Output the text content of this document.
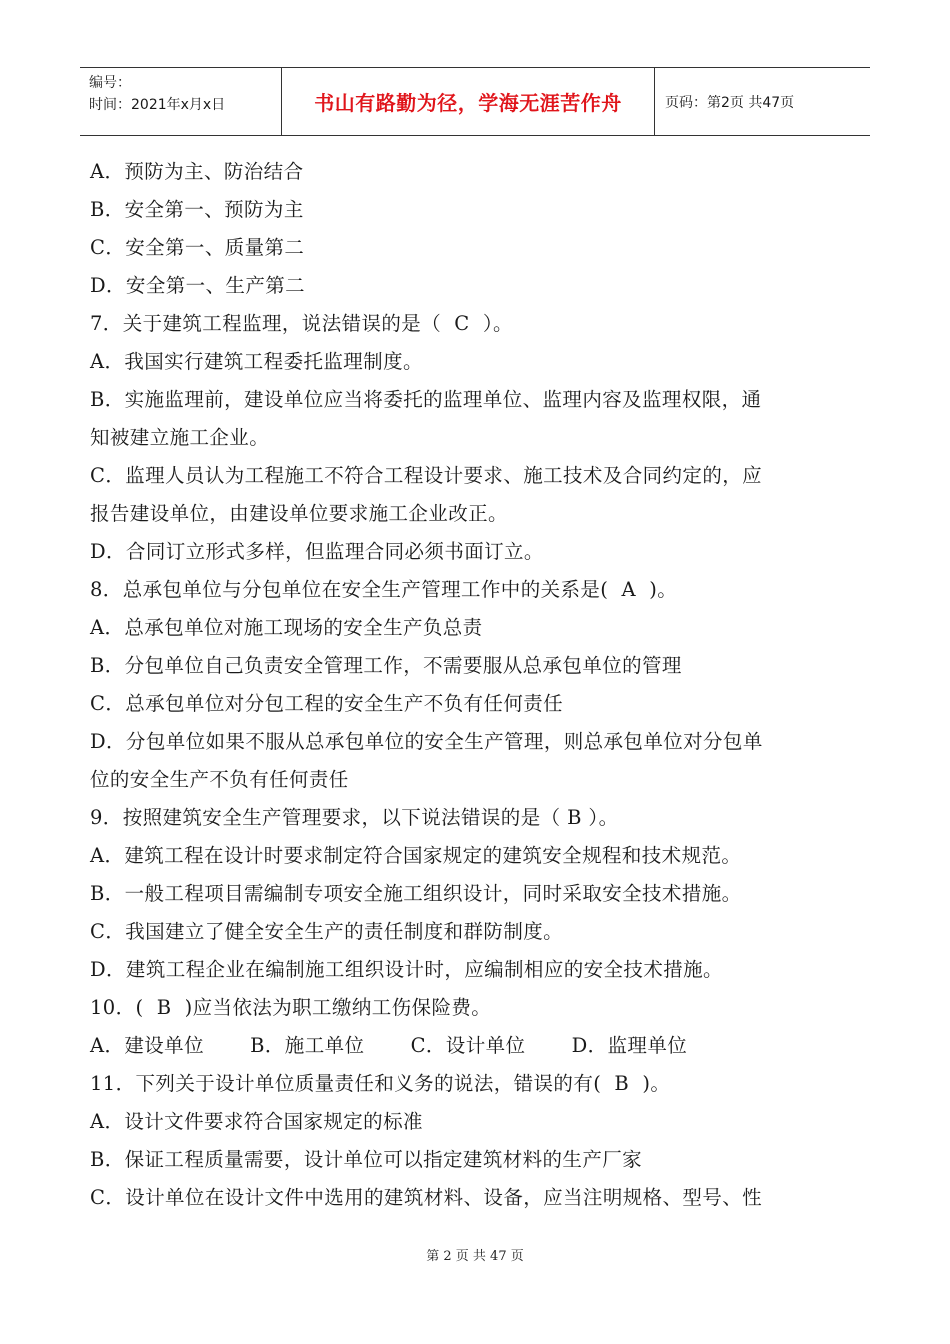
编号：
时间：2021年x月x日	书山有路勤为径，学海无涯苦作舟	页码：第2页 共47页
A．预防为主、防治结合
B．安全第一、预防为主
C．安全第一、质量第二
D．安全第一、生产第二
7．关于建筑工程监理，说法错误的是（  C  ）。
A．我国实行建筑工程委托监理制度。
B．实施监理前，建设单位应当将委托的监理单位、监理内容及监理权限，通
知被建立施工企业。
C．监理人员认为工程施工不符合工程设计要求、施工技术及合同约定的，应
报告建设单位，由建设单位要求施工企业改正。
D．合同订立形式多样，但监理合同必须书面订立。
8．总承包单位与分包单位在安全生产管理工作中的关系是(  A  )。
A．总承包单位对施工现场的安全生产负总责
B．分包单位自己负责安全管理工作，不需要服从总承包单位的管理
C．总承包单位对分包工程的安全生产不负有任何责任
D．分包单位如果不服从总承包单位的安全生产管理，则总承包单位对分包单
位的安全生产不负有任何责任
9．按照建筑安全生产管理要求，以下说法错误的是（ B ）。
A．建筑工程在设计时要求制定符合国家规定的建筑安全规程和技术规范。
B．一般工程项目需编制专项安全施工组织设计，同时采取安全技术措施。
C．我国建立了健全安全生产的责任制度和群防制度。
D．建筑工程企业在编制施工组织设计时，应编制相应的安全技术措施。
10．(  B  )应当依法为职工缴纳工伤保险费。
A．建设单位       B．施工单位       C．设计单位       D．监理单位
11．下列关于设计单位质量责任和义务的说法，错误的有(  B  )。
A．设计文件要求符合国家规定的标准
B．保证工程质量需要，设计单位可以指定建筑材料的生产厂家
C．设计单位在设计文件中选用的建筑材料、设备，应当注明规格、型号、性
第 2 页 共 47 页
